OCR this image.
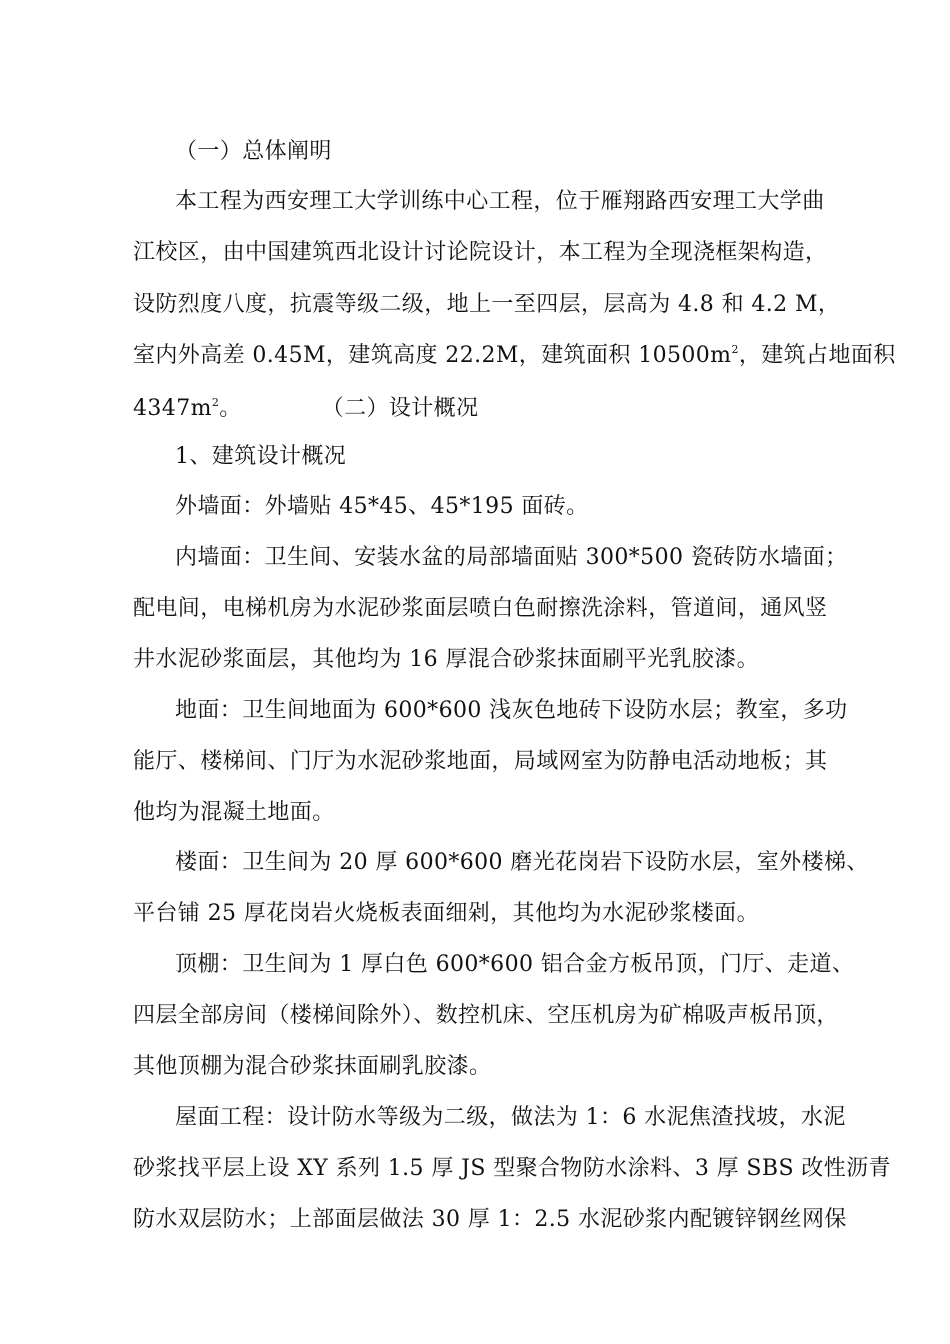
（一）总体阐明
本工程为西安理工大学训练中心工程，位于雁翔路西安理工大学曲
江校区，由中国建筑西北设计讨论院设计，本工程为全现浇框架构造，
设防烈度八度，抗震等级二级，地上一至四层，层高为 4.8 和 4.2 M，
室内外高差 0.45M，建筑高度 22.2M，建筑面积 $10500m^2$，建筑占地面积
$4347m^2$。	（二）设计概况
1、建筑设计概况
外墙面：外墙贴 45*45、45*195 面砖。
内墙面：卫生间、安装水盆的局部墙面贴 300*500 瓷砖防水墙面；
配电间，电梯机房为水泥砂浆面层喷白色耐擦洗涂料，管道间，通风竖
井水泥砂浆面层，其他均为 16 厚混合砂浆抹面刷平光乳胶漆。
地面：卫生间地面为 600*600 浅灰色地砖下设防水层；教室，多功
能厅、楼梯间、门厅为水泥砂浆地面，局域网室为防静电活动地板；其
他均为混凝土地面。
楼面：卫生间为 20 厚 600*600 磨光花岗岩下设防水层，室外楼梯、
平台铺 25 厚花岗岩火烧板表面细剁，其他均为水泥砂浆楼面。
顶棚：卫生间为 1 厚白色 600*600 铝合金方板吊顶，门厅、走道、
四层全部房间（楼梯间除外）、数控机床、空压机房为矿棉吸声板吊顶，
其他顶棚为混合砂浆抹面刷乳胶漆。
屋面工程：设计防水等级为二级，做法为 1：6 水泥焦渣找坡，水泥
砂浆找平层上设 XY 系列 1.5 厚 JS 型聚合物防水涂料、3 厚 SBS 改性沥青
防水双层防水；上部面层做法 30 厚 1：2.5 水泥砂浆内配镀锌钢丝网保
